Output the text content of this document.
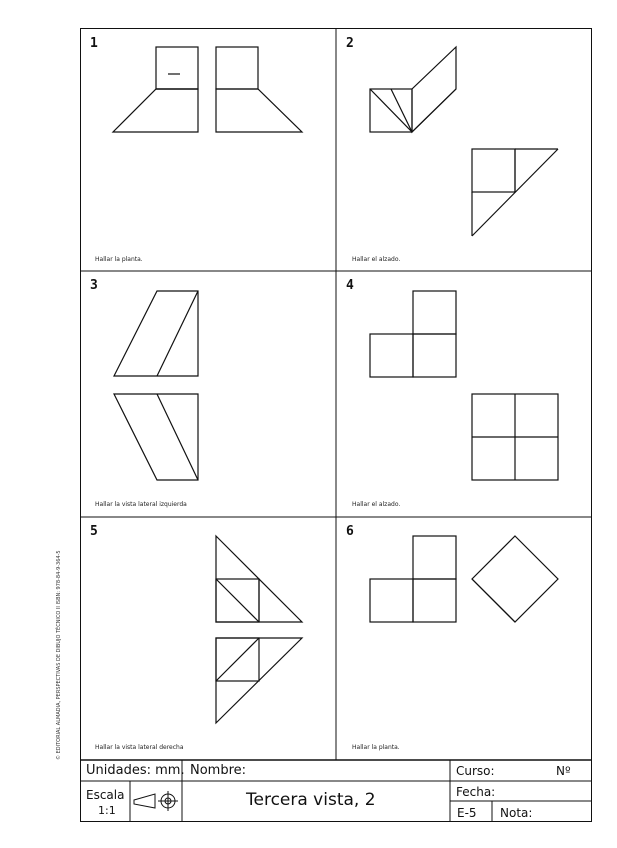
1	2
3	4
5	6
Hallar la planta.	Hallar el alzado.
Hallar la vista lateral izquierda	Hallar el alzado.
Hallar la vista lateral derecha	Hallar la planta.
Unidades: mm. Nombre:	Curso:	Nº
Escala
1:1
Tercera vista, 2	Fecha:
E-5 Nota:
© EDITORIAL ALMADIA, PERSPECTIVAS DE DIBUJO TÉCNICO II ISBN: 978-84-9-364-5
